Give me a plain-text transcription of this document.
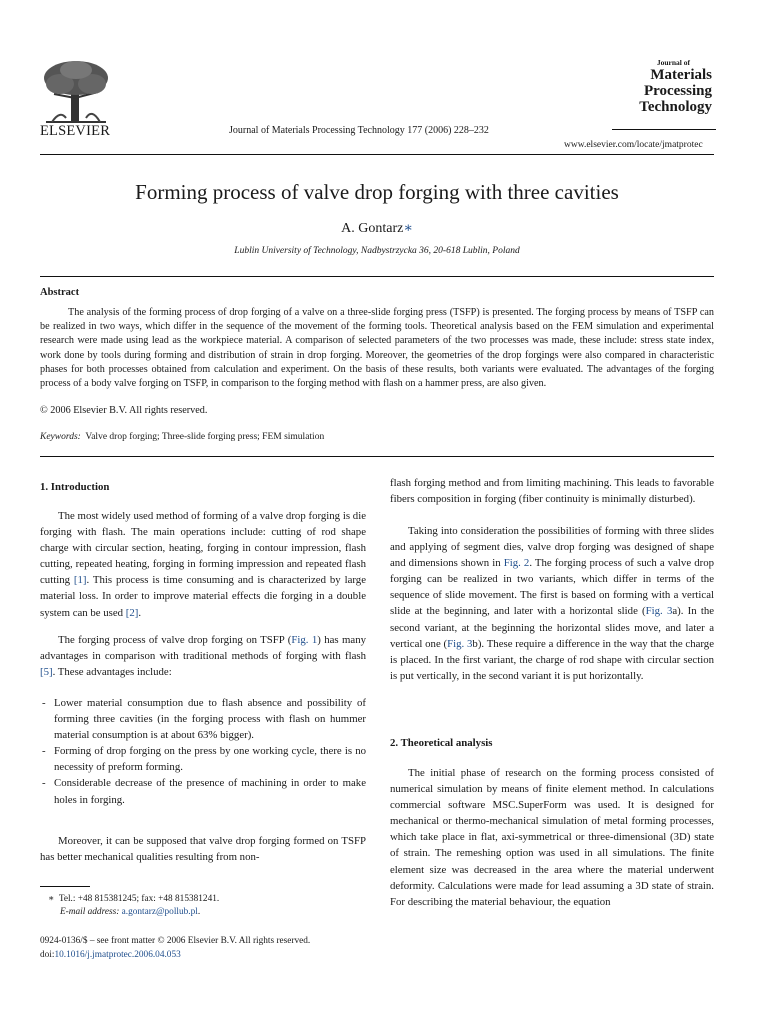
ELSEVIER	Journal of Materials Processing Technology 177 (2006) 228–232
Journal of
Materials
Processing
Technology
www.elsevier.com/locate/jmatprotec
Forming process of valve drop forging with three cavities
A. Gontarz∗
Lublin University of Technology, Nadbystrzycka 36, 20-618 Lublin, Poland
Abstract
The analysis of the forming process of drop forging of a valve on a three-slide forging press (TSFP) is presented. The forging process by means of TSFP can be realized in two ways, which differ in the sequence of the movement of the forming tools. Theoretical analysis based on the FEM simulation and experimental research were made using lead as the workpiece material. A comparison of selected parameters of the two processes was made, these include: stress state index, work done by tools during forming and distribution of strain in drop forging. Moreover, the geometries of the drop forgings were also compared in characteristic phases for both processes obtained from calculation and experiment. On the basis of these results, both variants were evaluated. The advantages of the forging process of a body valve forging on TSFP, in comparison to the forging method with flash on a hammer press, are also given.
© 2006 Elsevier B.V. All rights reserved.
Keywords: Valve drop forging; Three-slide forging press; FEM simulation
1. Introduction

The most widely used method of forming of a valve drop forging is die forging with flash. The main operations include: cutting of rod shape charge with circular section, heating, forging in contour impression, flash cutting, repeated heating, forging in forming impression and repeated flash cutting [1]. This process is time consuming and is characterized by large material loss. In order to improve material effects die forging in a double system can be used [2].

The forging process of valve drop forging on TSFP (Fig. 1) has many advantages in comparison with traditional methods of forging with flash [5]. These advantages include:

- Lower material consumption due to flash absence and possibility of forming three cavities (in the forging process with flash on hummer material consumption is at about 63% bigger).
- Forming of drop forging on the press by one working cycle, there is no necessity of preform forming.
- Considerable decrease of the presence of machining in order to make holes in forging.

Moreover, it can be supposed that valve drop forging formed on TSFP has better mechanical qualities resulting from non-

flash forging method and from limiting machining. This leads to favorable fibers composition in forging (fiber continuity is minimally disturbed).

Taking into consideration the possibilities of forming with three slides and applying of segment dies, valve drop forging was designed of shape and dimensions shown in Fig. 2. The forging process of such a valve drop forging can be realized in two variants, which differ in terms of the sequence of slide movement. The first is based on forming with a vertical slide at the beginning, and later with a horizontal slide (Fig. 3a). In the second variant, at the beginning the horizontal slides move, and later a vertical one (Fig. 3b). These require a difference in the way that the charge is placed. In the first variant, the charge of rod shape with circular section is put vertically, in the second variant it is put horizontally.

2. Theoretical analysis

The initial phase of research on the forming process consisted of numerical simulation by means of finite element method. In calculations commercial software MSC.SuperForm was used. It is designed for mechanical or thermo-mechanical simulation of metal forming processes, which take place in flat, axi-symmetrical or three-dimensional (3D) state of strain. The remeshing option was used in all simulations. The finite element size was decreased in the area where the material underwent deformity. Calculations were made for lead assuming a 3D state of strain. For describing the material behaviour, the equation

∗ Tel.: +48 815381245; fax: +48 815381241.
E-mail address: a.gontarz@pollub.pl.
0924-0136/$ – see front matter © 2006 Elsevier B.V. All rights reserved.
doi:10.1016/j.jmatprotec.2006.04.053
